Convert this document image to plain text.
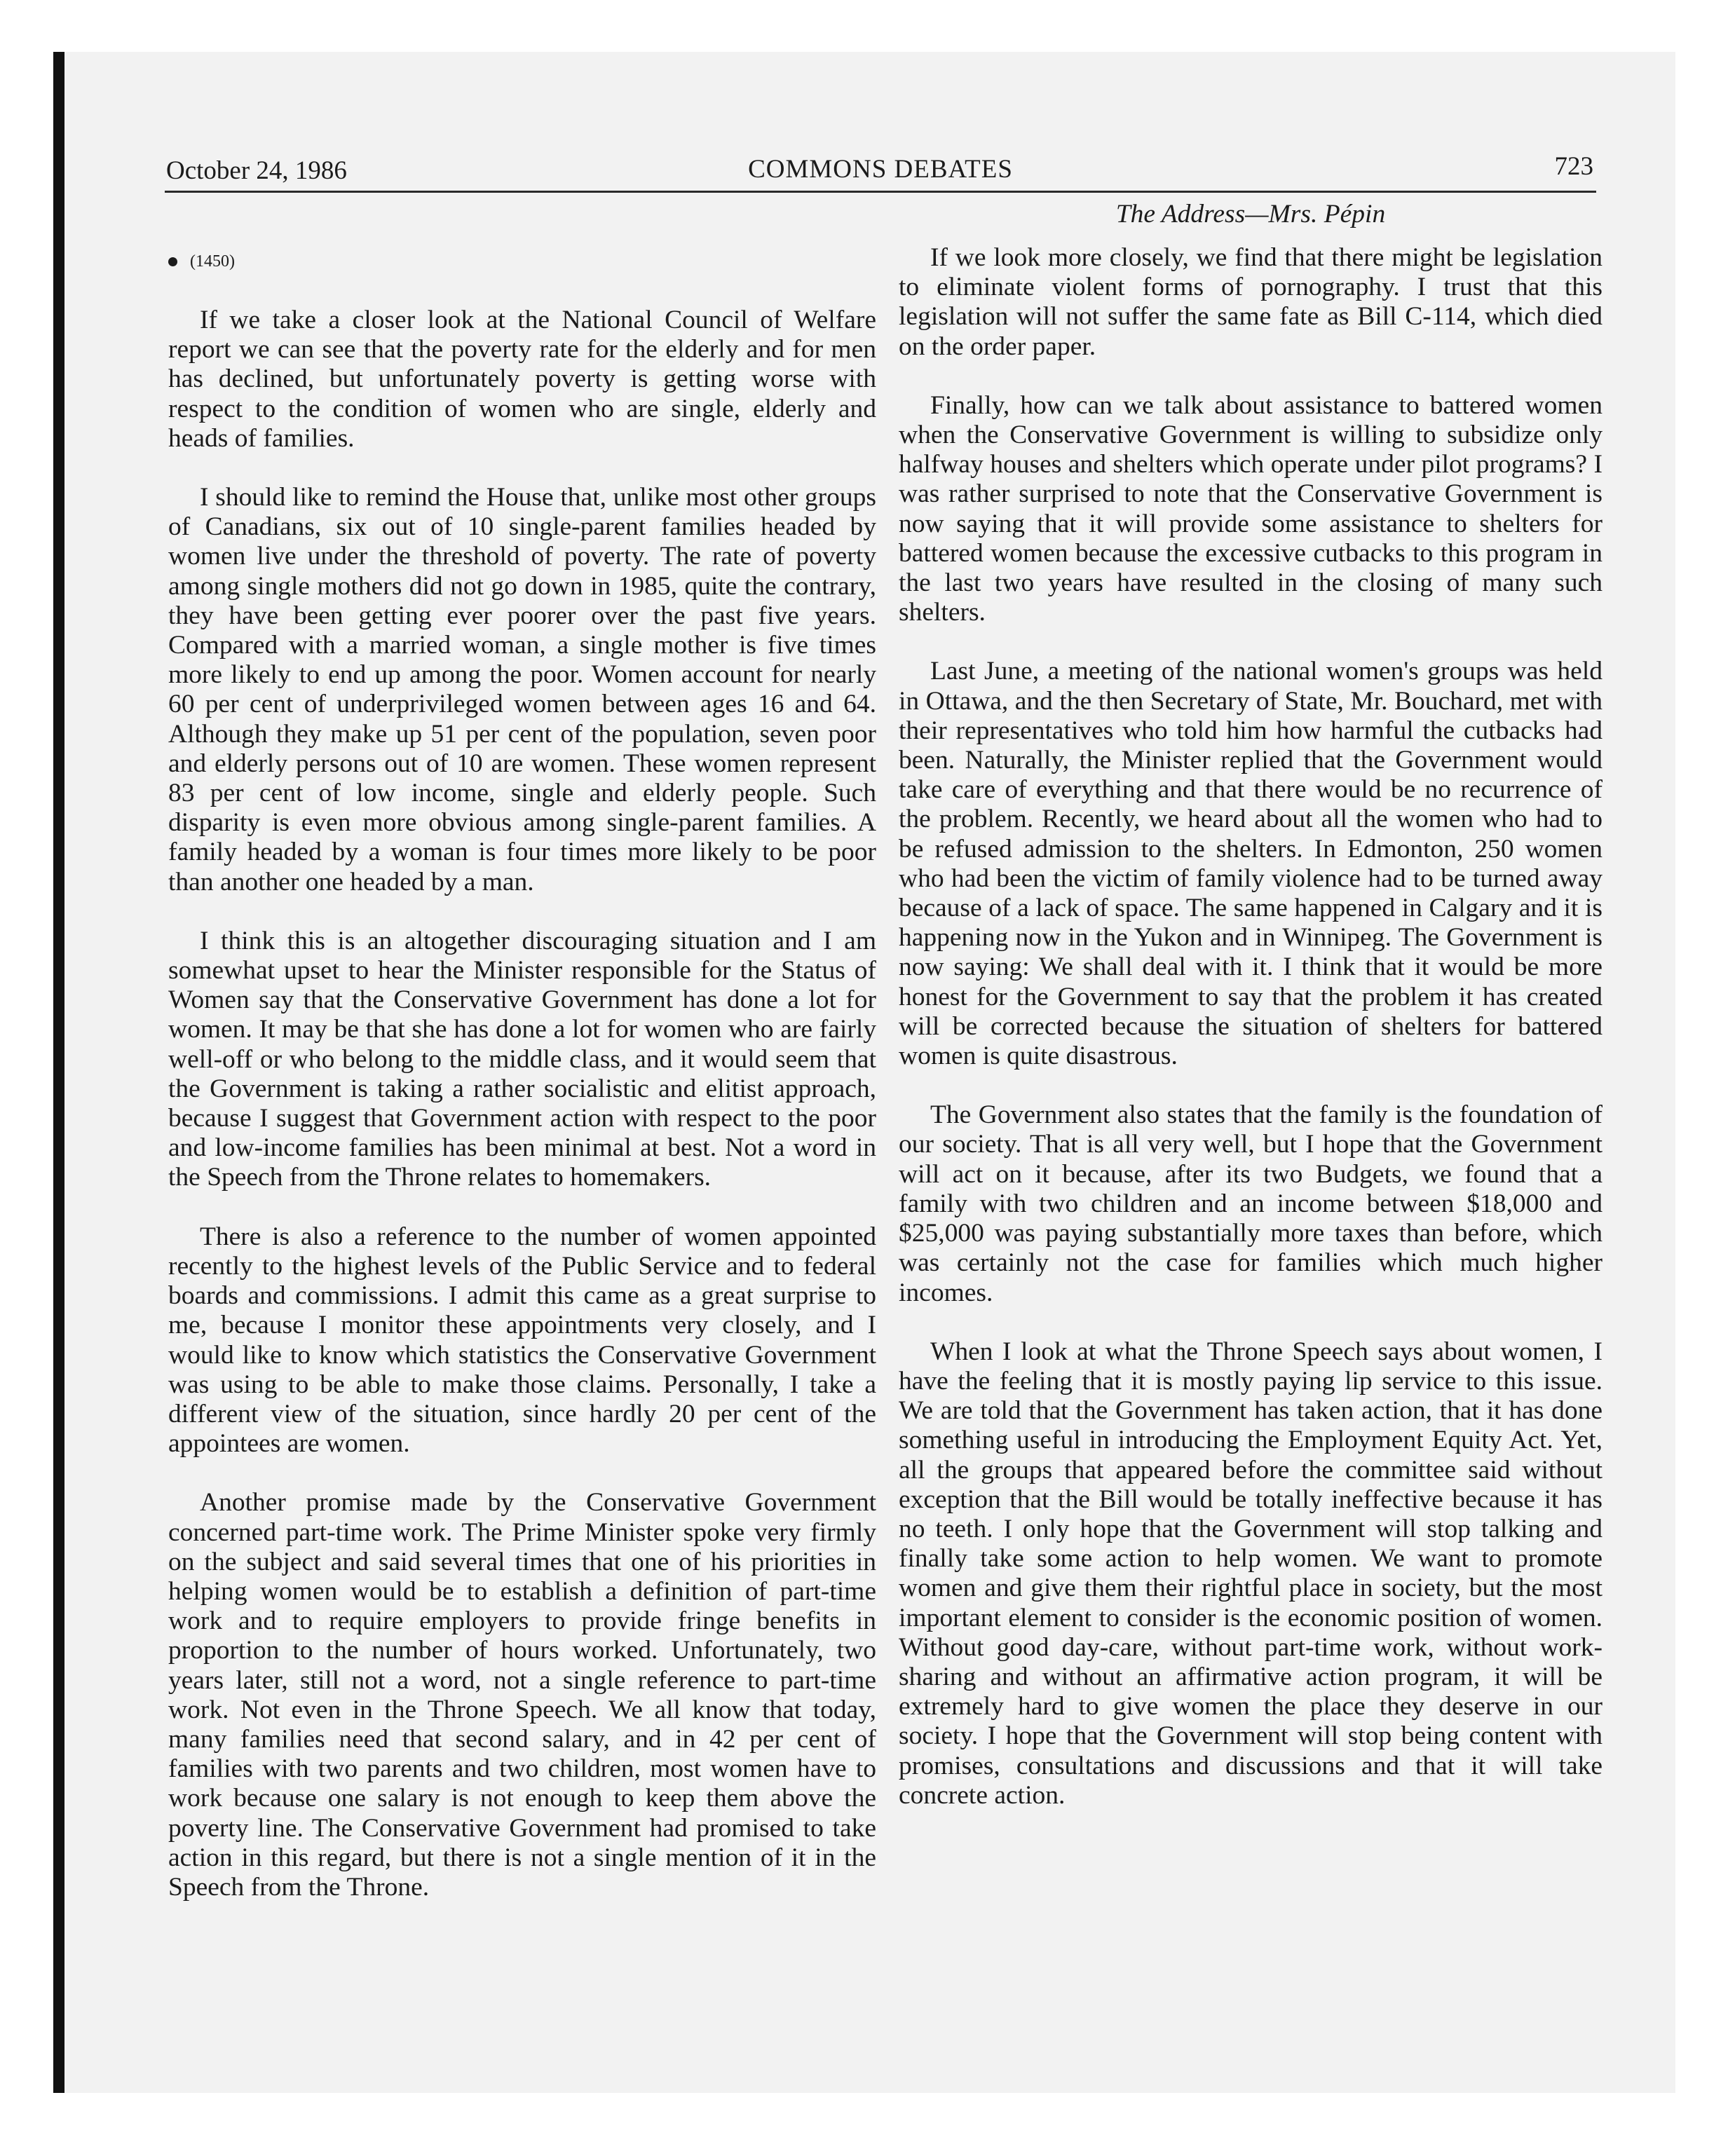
October 24, 1986	COMMONS DEBATES	723
(1450)

If we take a closer look at the National Council of Welfare report we can see that the poverty rate for the elderly and for men has declined, but unfortunately poverty is getting worse with respect to the condition of women who are single, elderly and heads of families.

I should like to remind the House that, unlike most other groups of Canadians, six out of 10 single-parent families headed by women live under the threshold of poverty. The rate of poverty among single mothers did not go down in 1985, quite the contrary, they have been getting ever poorer over the past five years. Compared with a married woman, a single mother is five times more likely to end up among the poor. Women account for nearly 60 per cent of underprivileged women between ages 16 and 64. Although they make up 51 per cent of the population, seven poor and elderly persons out of 10 are women. These women represent 83 per cent of low income, single and elderly people. Such disparity is even more obvious among single-parent families. A family headed by a woman is four times more likely to be poor than another one headed by a man.

I think this is an altogether discouraging situation and I am somewhat upset to hear the Minister responsible for the Status of Women say that the Conservative Government has done a lot for women. It may be that she has done a lot for women who are fairly well-off or who belong to the middle class, and it would seem that the Government is taking a rather socialistic and elitist approach, because I suggest that Government action with respect to the poor and low-income families has been minimal at best. Not a word in the Speech from the Throne relates to homemakers.

There is also a reference to the number of women appointed recently to the highest levels of the Public Service and to federal boards and commissions. I admit this came as a great surprise to me, because I monitor these appointments very closely, and I would like to know which statistics the Conservative Government was using to be able to make those claims. Personally, I take a different view of the situation, since hardly 20 per cent of the appointees are women.

Another promise made by the Conservative Government concerned part-time work. The Prime Minister spoke very firmly on the subject and said several times that one of his priorities in helping women would be to establish a definition of part-time work and to require employers to provide fringe benefits in proportion to the number of hours worked. Unfortunately, two years later, still not a word, not a single reference to part-time work. Not even in the Throne Speech. We all know that today, many families need that second salary, and in 42 per cent of families with two parents and two children, most women have to work because one salary is not enough to keep them above the poverty line. The Conservative Government had promised to take action in this regard, but there is not a single mention of it in the Speech from the Throne.

The Address—Mrs. Pépin

If we look more closely, we find that there might be legislation to eliminate violent forms of pornography. I trust that this legislation will not suffer the same fate as Bill C-114, which died on the order paper.

Finally, how can we talk about assistance to battered women when the Conservative Government is willing to subsidize only halfway houses and shelters which operate under pilot programs? I was rather surprised to note that the Conservative Government is now saying that it will provide some assistance to shelters for battered women because the excessive cutbacks to this program in the last two years have resulted in the closing of many such shelters.

Last June, a meeting of the national women's groups was held in Ottawa, and the then Secretary of State, Mr. Bouchard, met with their representatives who told him how harmful the cutbacks had been. Naturally, the Minister replied that the Government would take care of everything and that there would be no recurrence of the problem. Recently, we heard about all the women who had to be refused admission to the shelters. In Edmonton, 250 women who had been the victim of family violence had to be turned away because of a lack of space. The same happened in Calgary and it is happening now in the Yukon and in Winnipeg. The Government is now saying: We shall deal with it. I think that it would be more honest for the Government to say that the problem it has created will be corrected because the situation of shelters for battered women is quite disastrous.

The Government also states that the family is the foundation of our society. That is all very well, but I hope that the Government will act on it because, after its two Budgets, we found that a family with two children and an income between $18,000 and $25,000 was paying substantially more taxes than before, which was certainly not the case for families which much higher incomes.

When I look at what the Throne Speech says about women, I have the feeling that it is mostly paying lip service to this issue. We are told that the Government has taken action, that it has done something useful in introducing the Employment Equity Act. Yet, all the groups that appeared before the committee said without exception that the Bill would be totally ineffective because it has no teeth. I only hope that the Government will stop talking and finally take some action to help women. We want to promote women and give them their rightful place in society, but the most important element to consider is the economic position of women. Without good day-care, without part-time work, without work-sharing and without an affirmative action program, it will be extremely hard to give women the place they deserve in our society. I hope that the Government will stop being content with promises, consultations and discussions and that it will take concrete action.
